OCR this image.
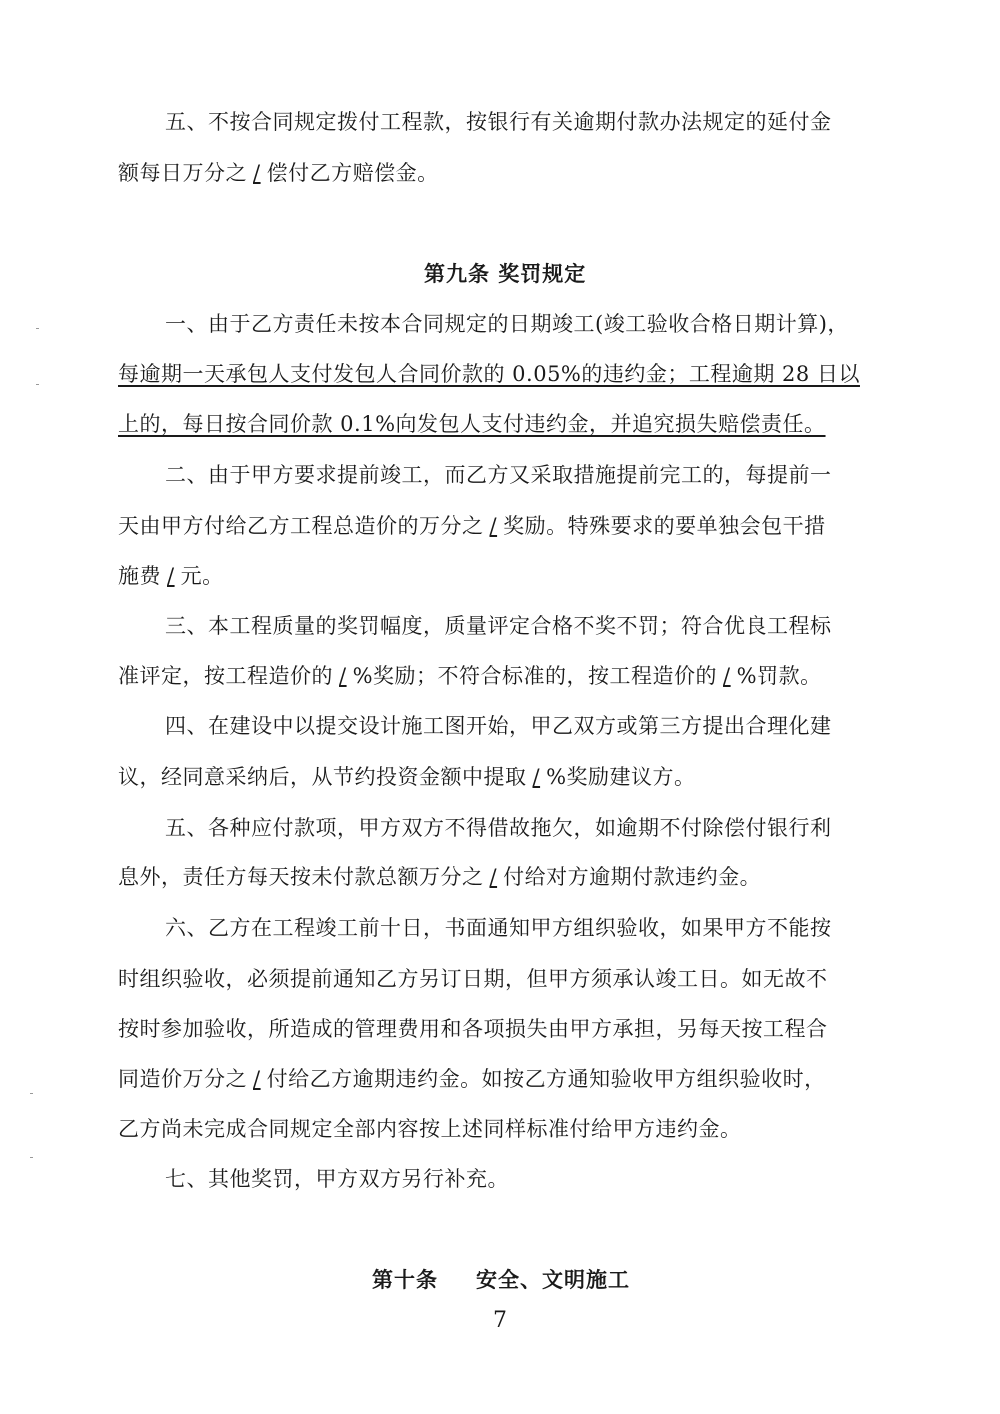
五、不按合同规定拨付工程款，按银行有关逾期付款办法规定的延付金
额每日万分之 / 偿付乙方赔偿金。
第九条 奖罚规定
一、由于乙方责任未按本合同规定的日期竣工(竣工验收合格日期计算)，
每逾期一天承包人支付发包人合同价款的 0.05%的违约金；工程逾期 28 日以
上的，每日按合同价款 0.1%向发包人支付违约金，并追究损失赔偿责任。
二、由于甲方要求提前竣工，而乙方又采取措施提前完工的，每提前一
天由甲方付给乙方工程总造价的万分之 / 奖励。特殊要求的要单独会包干措
施费 / 元。
三、本工程质量的奖罚幅度，质量评定合格不奖不罚；符合优良工程标
准评定，按工程造价的 / %奖励；不符合标准的，按工程造价的 / %罚款。
四、在建设中以提交设计施工图开始，甲乙双方或第三方提出合理化建
议，经同意采纳后，从节约投资金额中提取 / %奖励建议方。
五、各种应付款项，甲方双方不得借故拖欠，如逾期不付除偿付银行利
息外，责任方每天按未付款总额万分之 / 付给对方逾期付款违约金。
六、乙方在工程竣工前十日，书面通知甲方组织验收，如果甲方不能按
时组织验收，必须提前通知乙方另订日期，但甲方须承认竣工日。如无故不
按时参加验收，所造成的管理费用和各项损失由甲方承担，另每天按工程合
同造价万分之 / 付给乙方逾期违约金。如按乙方通知验收甲方组织验收时，
乙方尚未完成合同规定全部内容按上述同样标准付给甲方违约金。
七、其他奖罚，甲方双方另行补充。
第十条 安全、文明施工
7
